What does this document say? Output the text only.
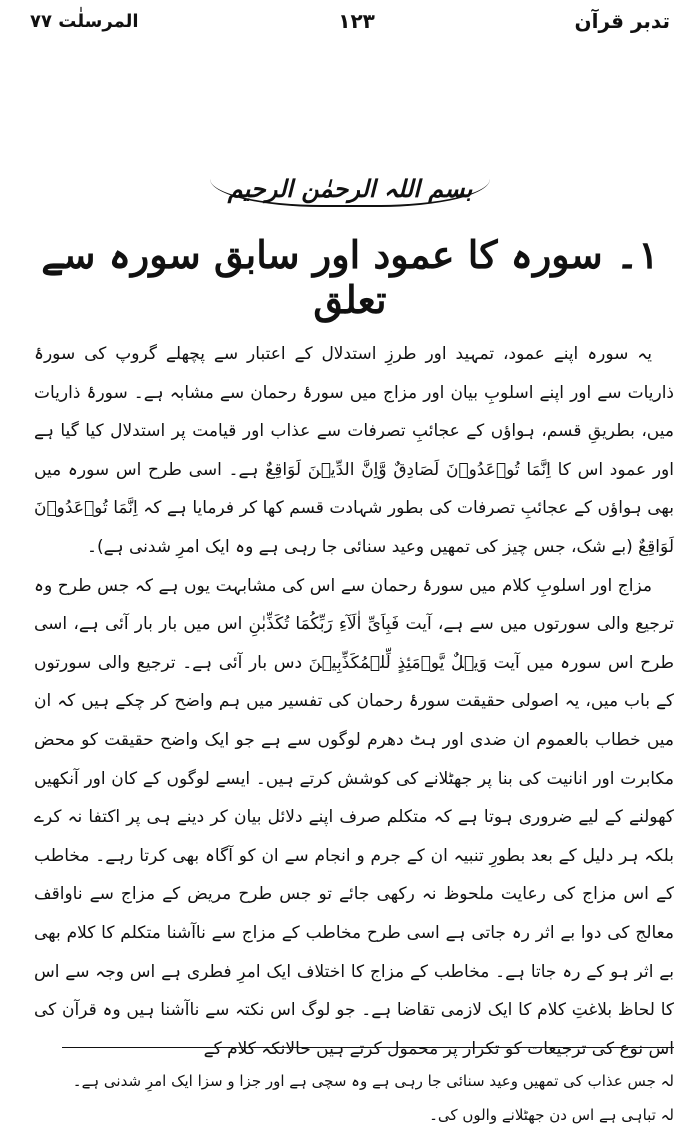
تدبر قرآن
۱۲۳
المرسلٰت ۷۷
بسم اللہ الرحمٰن الرحیم
۱۔ سورہ کا عمود اور سابق سورہ سے تعلق

یہ سورہ اپنے عمود، تمہید اور طرزِ استدلال کے اعتبار سے پچھلے گروپ کی سورۂ ذاریات سے اور اپنے اسلوبِ بیان اور مزاج میں سورۂ رحمان سے مشابہ ہے۔ سورۂ ذاریات میں، بطریقِ قسم، ہواؤں کے عجائبِ تصرفات سے عذاب اور قیامت پر استدلال کیا گیا ہے اور عمود اس کا اِنَّمَا تُوۡعَدُوۡنَ لَصَادِقٌ وَّاِنَّ الدِّیۡنَ لَوَاقِعٌ ہے۔ اسی طرح اس سورہ میں بھی ہواؤں کے عجائبِ تصرفات کی بطور شہادت قسم کھا کر فرمایا ہے کہ اِنَّمَا تُوۡعَدُوۡنَ لَوَاقِعٌ (بے شک، جس چیز کی تمھیں وعید سنائی جا رہی ہے وہ ایک امرِ شدنی ہے)۔

مزاج اور اسلوبِ کلام میں سورۂ رحمان سے اس کی مشابہت یوں ہے کہ جس طرح وہ ترجیع والی سورتوں میں سے ہے، آیت فَبِاَیِّ اٰلَآءِ رَبِّکُمَا تُکَذِّبٰنِ اس میں بار بار آئی ہے، اسی طرح اس سورہ میں آیت وَیۡلٌ یَّوۡمَئِذٍ لِّلۡمُکَذِّبِیۡنَ دس بار آئی ہے۔ ترجیع والی سورتوں کے باب میں، یہ اصولی حقیقت سورۂ رحمان کی تفسیر میں ہم واضح کر چکے ہیں کہ ان میں خطاب بالعموم ان ضدی اور ہٹ دھرم لوگوں سے ہے جو ایک واضح حقیقت کو محض مکابرت اور انانیت کی بنا پر جھٹلانے کی کوشش کرتے ہیں۔ ایسے لوگوں کے کان اور آنکھیں کھولنے کے لیے ضروری ہوتا ہے کہ متکلم صرف اپنے دلائل بیان کر دینے ہی پر اکتفا نہ کرے بلکہ ہر دلیل کے بعد بطورِ تنبیہ ان کے جرم و انجام سے ان کو آگاہ بھی کرتا رہے۔ مخاطب کے اس مزاج کی رعایت ملحوظ نہ رکھی جائے تو جس طرح مریض کے مزاج سے ناواقف معالج کی دوا بے اثر رہ جاتی ہے اسی طرح مخاطب کے مزاج سے ناآشنا متکلم کا کلام بھی بے اثر ہو کے رہ جاتا ہے۔ مخاطب کے مزاج کا اختلاف ایک امرِ فطری ہے اس وجہ سے اس کا لحاظ بلاغتِ کلام کا ایک لازمی تقاضا ہے۔ جو لوگ اس نکتہ سے ناآشنا ہیں وہ قرآن کی اس نوع کی ترجیعات کو تکرار پر محمول کرتے ہیں حالانکہ کلام کے

لہ جس عذاب کی تمھیں وعید سنائی جا رہی ہے وہ سچی ہے اور جزا و سزا ایک امرِ شدنی ہے۔
لہ تباہی ہے اس دن جھٹلانے والوں کی۔
